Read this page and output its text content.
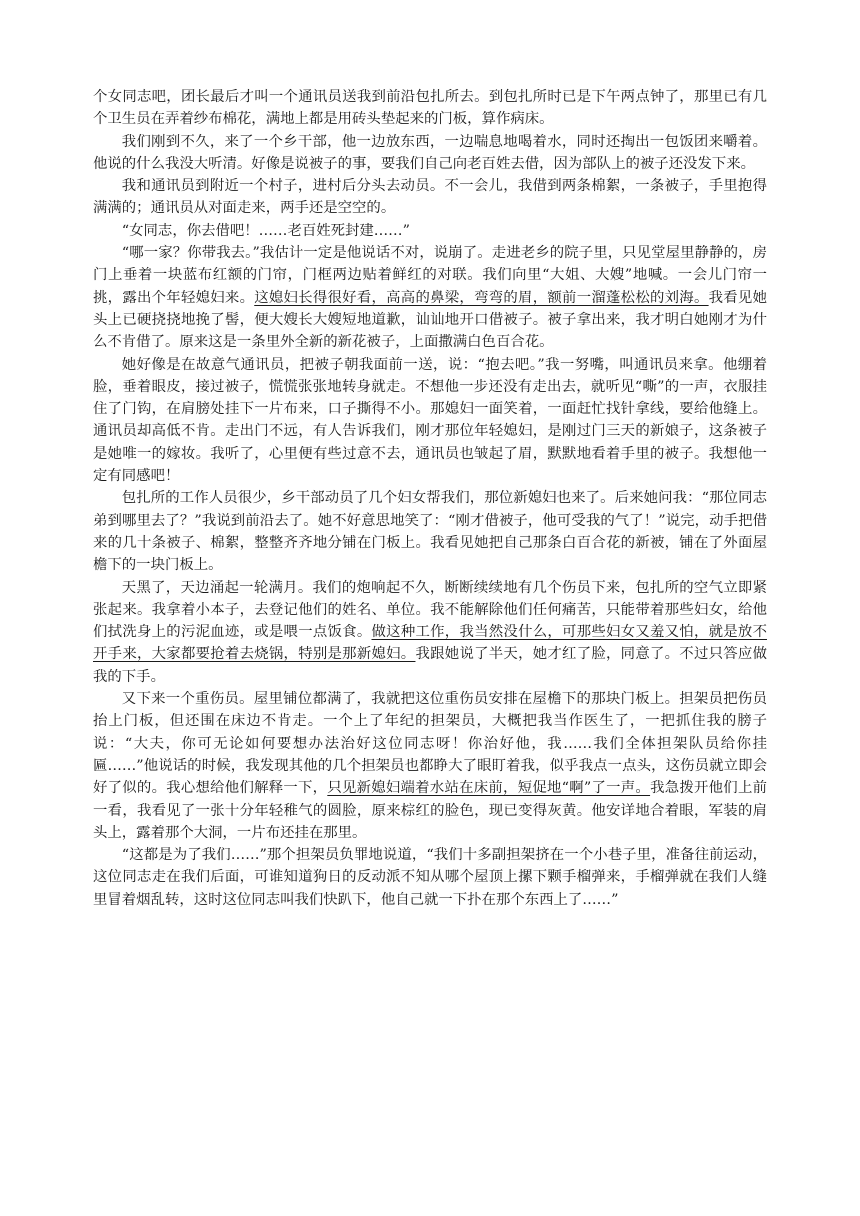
个女同志吧，团长最后才叫一个通讯员送我到前沿包扎所去。到包扎所时已是下午两点钟了，那里已有几个卫生员在弄着纱布棉花，满地上都是用砖头垫起来的门板，算作病床。

我们刚到不久，来了一个乡干部，他一边放东西，一边喘息地喝着水，同时还掏出一包饭团来嚼着。他说的什么我没大听清。好像是说被子的事，要我们自己向老百姓去借，因为部队上的被子还没发下来。

我和通讯员到附近一个村子，进村后分头去动员。不一会儿，我借到两条棉絮，一条被子，手里抱得满满的；通讯员从对面走来，两手还是空空的。

“女同志，你去借吧！……老百姓死封建……”

“哪一家？你带我去。”我估计一定是他说话不对，说崩了。走进老乡的院子里，只见堂屋里静静的，房门上垂着一块蓝布红额的门帘，门框两边贴着鲜红的对联。我们向里“大姐、大嫂”地喊。一会儿门帘一挑，露出个年轻媳妇来。这媳妇长得很好看，高高的鼻梁，弯弯的眉，额前一溜蓬松松的刘海。我看见她头上已硬挠挠地挽了髻，便大嫂长大嫂短地道歉，讪讪地开口借被子。被子拿出来，我才明白她刚才为什么不肯借了。原来这是一条里外全新的新花被子，上面撒满白色百合花。

她好像是在故意气通讯员，把被子朝我面前一送，说：“抱去吧。”我一努嘴，叫通讯员来拿。他绷着脸，垂着眼皮，接过被子，慌慌张张地转身就走。不想他一步还没有走出去，就听见“嘶”的一声，衣服挂住了门钩，在肩膀处挂下一片布来，口子撕得不小。那媳妇一面笑着，一面赶忙找针拿线，要给他缝上。通讯员却高低不肯。走出门不远，有人告诉我们，刚才那位年轻媳妇，是刚过门三天的新娘子，这条被子是她唯一的嫁妆。我听了，心里便有些过意不去，通讯员也皱起了眉，默默地看着手里的被子。我想他一定有同感吧！

包扎所的工作人员很少，乡干部动员了几个妇女帮我们，那位新媳妇也来了。后来她问我：“那位同志弟到哪里去了？”我说到前沿去了。她不好意思地笑了：“刚才借被子，他可受我的气了！”说完，动手把借来的几十条被子、棉絮，整整齐齐地分铺在门板上。我看见她把自己那条白百合花的新被，铺在了外面屋檐下的一块门板上。

天黑了，天边涌起一轮满月。我们的炮响起不久，断断续续地有几个伤员下来，包扎所的空气立即紧张起来。我拿着小本子，去登记他们的姓名、单位。我不能解除他们任何痛苦，只能带着那些妇女，给他们拭洗身上的污泥血迹，或是喂一点饭食。做这种工作，我当然没什么，可那些妇女又羞又怕，就是放不开手来，大家都要抢着去烧锅，特别是那新媳妇。我跟她说了半天，她才红了脸，同意了。不过只答应做我的下手。

又下来一个重伤员。屋里铺位都满了，我就把这位重伤员安排在屋檐下的那块门板上。担架员把伤员抬上门板，但还围在床边不肯走。一个上了年纪的担架员，大概把我当作医生了，一把抓住我的膀子说：“大夫，你可无论如何要想办法治好这位同志呀！你治好他，我……我们全体担架队员给你挂匾……”他说话的时候，我发现其他的几个担架员也都睁大了眼盯着我，似乎我点一点头，这伤员就立即会好了似的。我心想给他们解释一下，只见新媳妇端着水站在床前，短促地“啊”了一声。我急拨开他们上前一看，我看见了一张十分年轻稚气的圆脸，原来棕红的脸色，现已变得灰黄。他安详地合着眼，军装的肩头上，露着那个大洞，一片布还挂在那里。

“这都是为了我们……”那个担架员负罪地说道，“我们十多副担架挤在一个小巷子里，准备往前运动，这位同志走在我们后面，可谁知道狗日的反动派不知从哪个屋顶上摞下颗手榴弹来，手榴弹就在我们人缝里冒着烟乱转，这时这位同志叫我们快趴下，他自己就一下扑在那个东西上了……”
